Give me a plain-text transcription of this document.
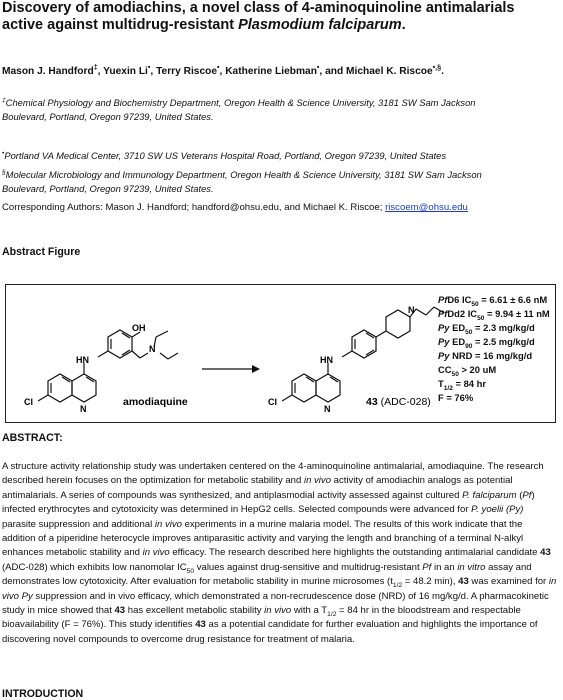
Discovery of amodiachins, a novel class of 4-aminoquinoline antimalarials
active against multidrug-resistant Plasmodium falciparum.
Mason J. Handford‡, Yuexin Li•, Terry Riscoe•, Katherine Liebman•, and Michael K. Riscoe•,§.
‡Chemical Physiology and Biochemistry Department, Oregon Health & Science University, 3181 SW Sam Jackson
Boulevard, Portland, Oregon 97239, United States.
•Portland VA Medical Center, 3710 SW US Veterans Hospital Road, Portland, Oregon 97239, United States
§Molecular Microbiology and Immunology Department, Oregon Health & Science University, 3181 SW Sam Jackson
Boulevard, Portland, Oregon 97239, United States.
Corresponding Authors: Mason J. Handford; handford@ohsu.edu, and Michael K. Riscoe; riscoem@ohsu.edu
Abstract Figure
OH
N
HN
Cl
N
amodiaquine
N
HN
Cl
N
43 (ADC-028)
PfD6 $IC_{50} = 6.61 \pm 6.6$ nM
PfDd2 $IC_{50} = 9.94 \pm 11$ nM
Py $ED_{50} = 2.3$ mg/kg/d
Py $ED_{90} = 2.5$ mg/kg/d
Py NRD = 16 mg/kg/d
$CC_{50} > 20$ uM
$T_{1/2} = 84$ hr
F = 76%
ABSTRACT:

A structure activity relationship study was undertaken centered on the 4-aminoquinoline antimalarial, amodiaquine. The research described herein focuses on the optimization for metabolic stability and in vivo activity of amodiachin analogs as potential antimalarials. A series of compounds was synthesized, and antiplasmodial activity assessed against cultured P. falciparum (Pf) infected erythrocytes and cytotoxicity was determined in HepG2 cells. Selected compounds were advanced for P. yoelii (Py) parasite suppression and additional in vivo experiments in a murine malaria model. The results of this work indicate that the addition of a piperidine heterocycle improves antiparasitic activity and varying the length and branching of a terminal N-alkyl enhances metabolic stability and in vivo efficacy. The research described here highlights the outstanding antimalarial candidate 43 (ADC-028) which exhibits low nanomolar $IC_{50}$ values against drug-sensitive and multidrug-resistant Pf in an in vitro assay and demonstrates low cytotoxicity. After evaluation for metabolic stability in murine microsomes ($t_{1/2} = 48.2$ min), 43 was examined for in vivo Py suppression and in vivo efficacy, which demonstrated a non-recrudescence dose (NRD) of 16 mg/kg/d. A pharmacokinetic study in mice showed that 43 has excellent metabolic stability in vivo with a $T_{1/2} = 84$ hr in the bloodstream and respectable bioavailability (F = 76%). This study identifies 43 as a potential candidate for further evaluation and highlights the importance of discovering novel compounds to overcome drug resistance for treatment of malaria.

INTRODUCTION
